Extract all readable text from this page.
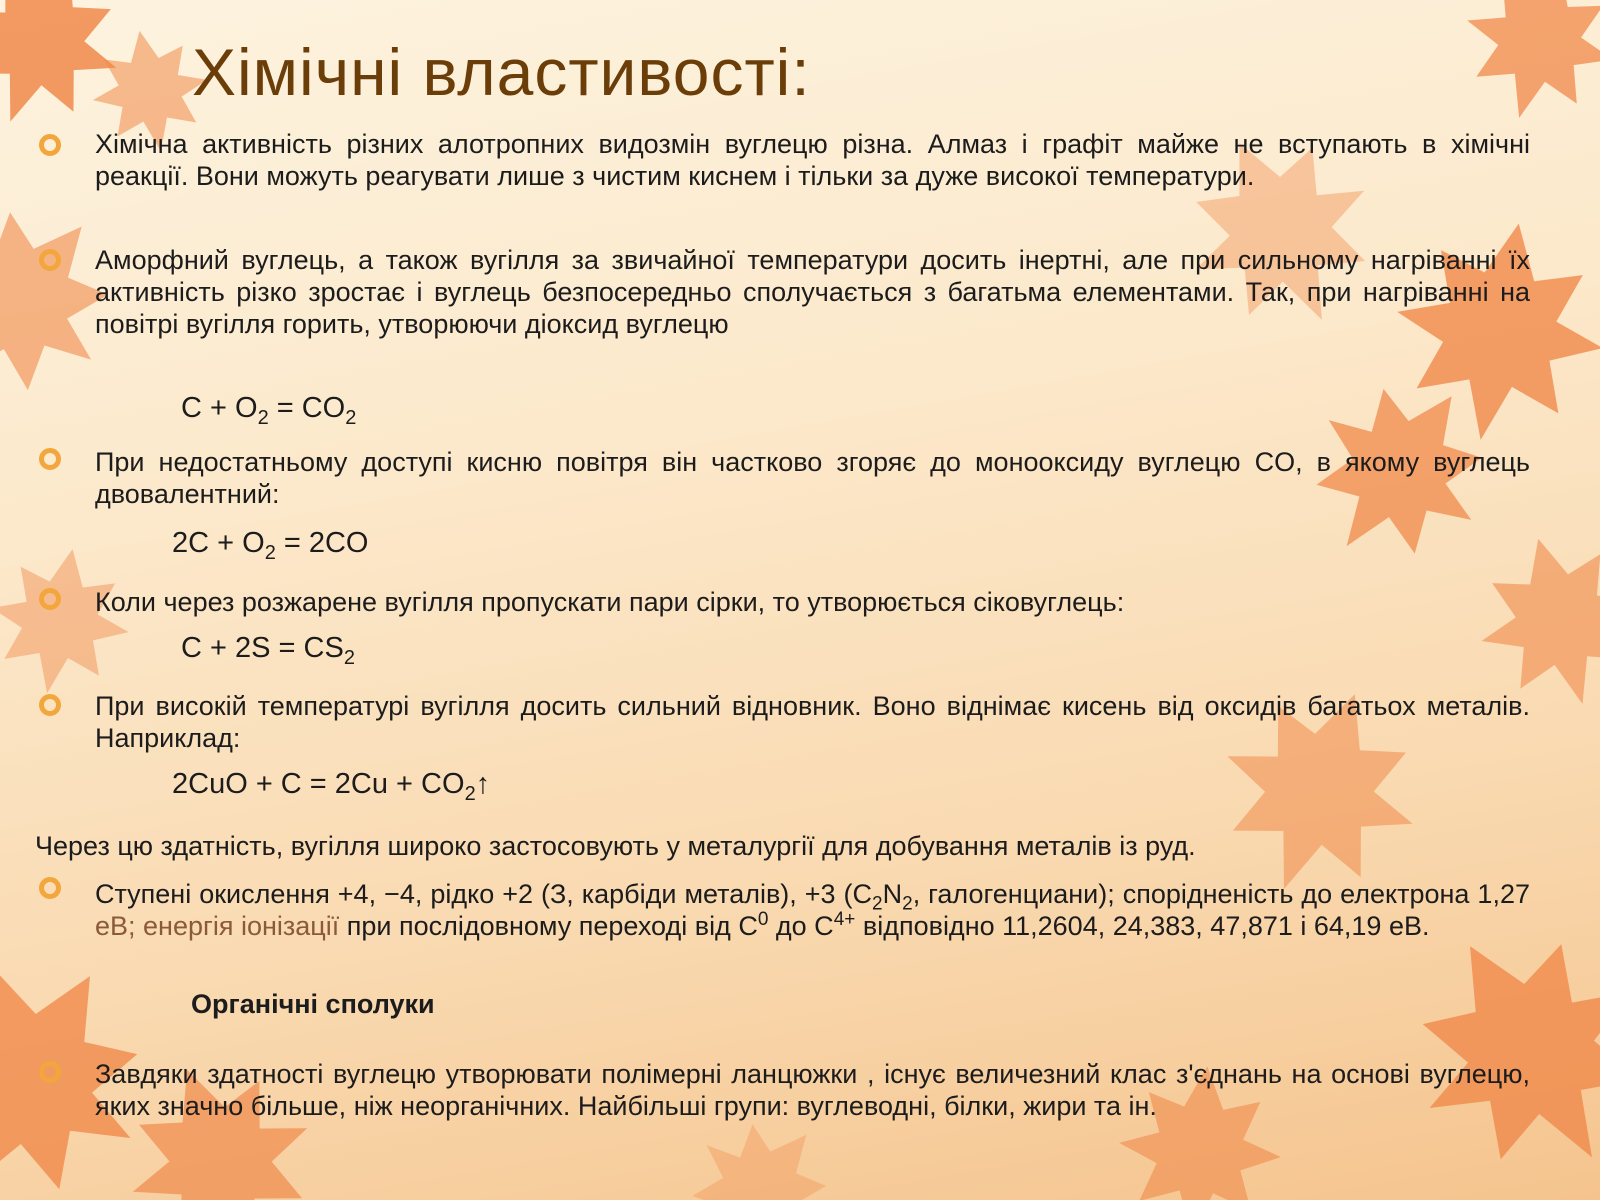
Хімічні властивості:
Хімічна активність різних алотропних видозмін вуглецю різна. Алмаз і графіт майже не вступають в хімічні реакції. Вони можуть реагувати лише з чистим киснем і тільки за дуже високої температури.
Аморфний вуглець, а також вугілля за звичайної температури досить інертні, але при сильному нагріванні їх активність різко зростає і вуглець безпосередньо сполучається з багатьма елементами. Так, при нагріванні на повітрі вугілля горить, утворюючи діоксид вуглецю
$C + O_2 = CO_2$
При недостатньому доступі кисню повітря він частково згоряє до монооксиду вуглецю CO, в якому вуглець двовалентний:
$2C + O_2 = 2CO$
Коли через розжарене вугілля пропускати пари сірки, то утворюється сіковуглець:
$C + 2S = CS_2$
При високій температурі вугілля досить сильний відновник. Воно віднімає кисень від оксидів багатьох металів. Наприклад:
$2CuO + C = 2Cu + CO_2↑$
Через цю здатність, вугілля широко застосовують у металургії для добування металів із руд.
Ступені окислення +4, −4, рідко +2 (З, карбіди металів), +3 ($C_2N_2$, галогенциани); спорідненість до електрона 1,27 еВ; енергія іонізації при послідовному переході від $C^0$ до $C^{4+}$ відповідно 11,2604, 24,383, 47,871 і 64,19 еВ.
Органічні сполуки
Завдяки здатності вуглецю утворювати полімерні ланцюжки , існує величезний клас з'єднань на основі вуглецю, яких значно більше, ніж неорганічних. Найбільші групи: вуглеводні, білки, жири та ін.
